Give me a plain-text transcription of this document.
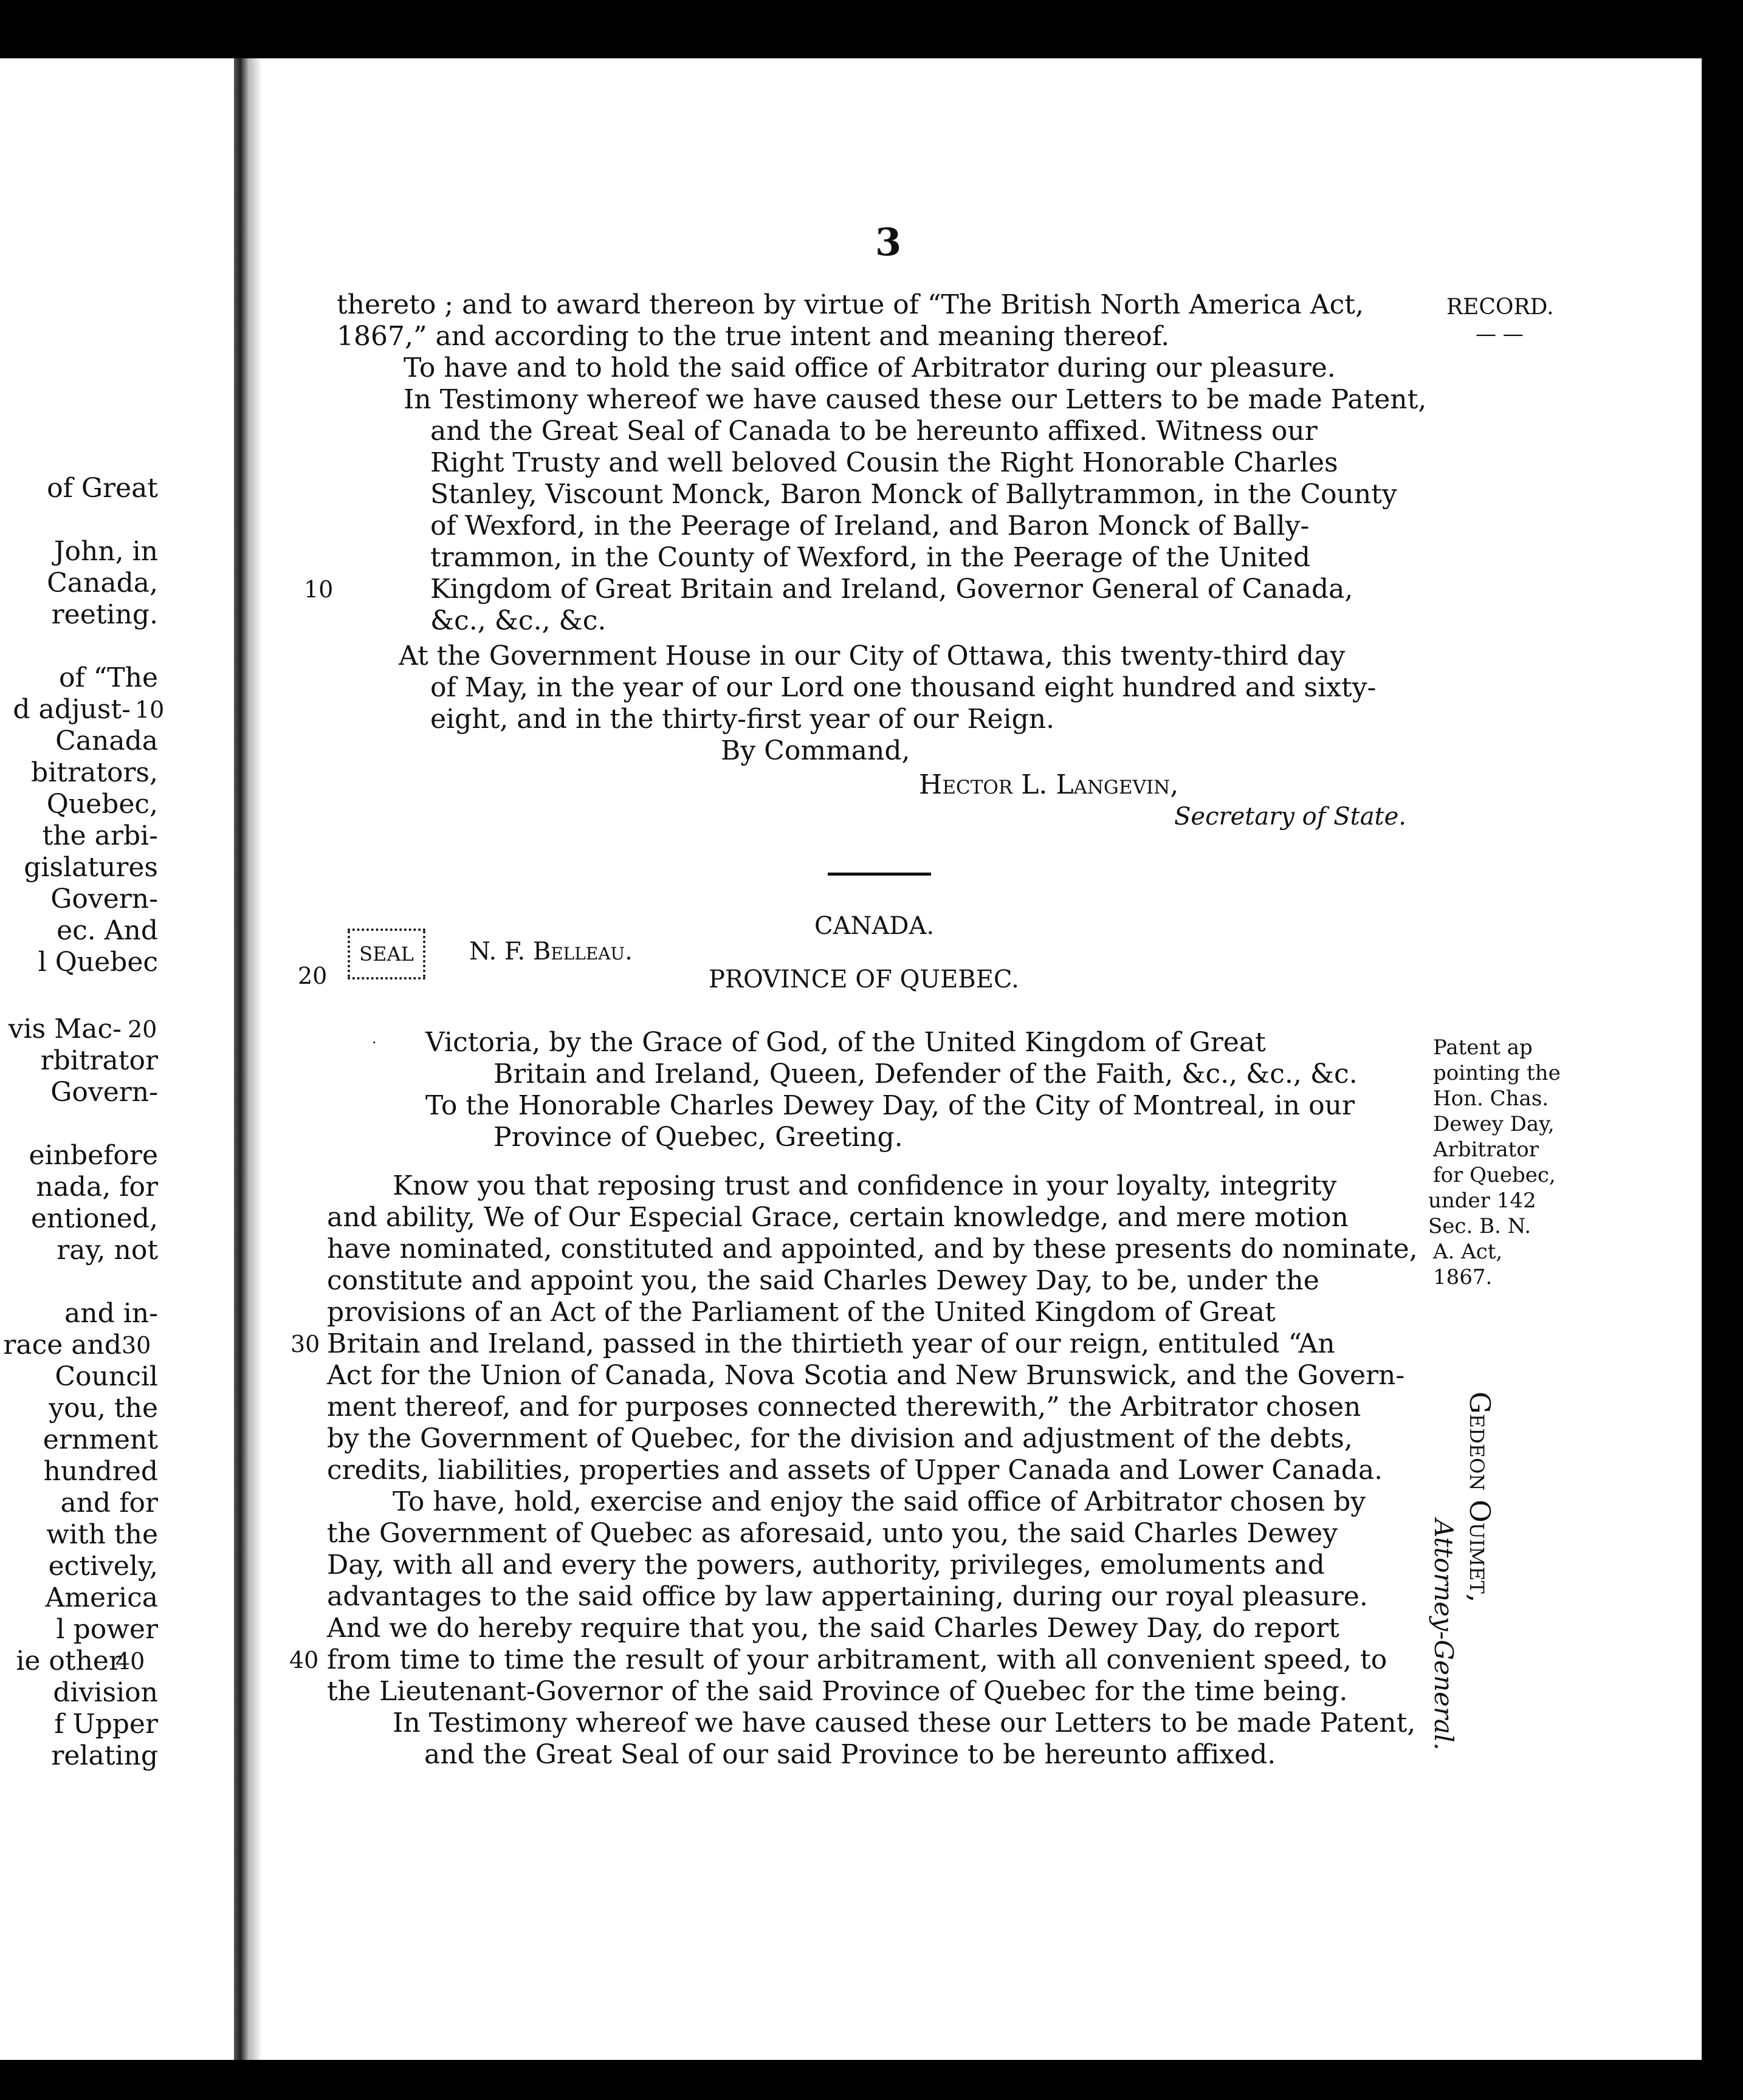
of Great
John, in
Canada,
reeting.
of “The
d adjust-
Canada
bitrators,
Quebec,
the arbi-
gislatures
Govern-
ec. And
l Quebec
vis Mac-
rbitrator
Govern-
einbefore
nada, for
entioned,
ray, not
and in-
race and
Council
you, the
ernment
hundred
and for
with the
ectively,
America
l power
ie other
division
f Upper
relating
10
20
30
40
3
RECORD.
— —
thereto ; and to award thereon by virtue of “The British North America Act,
1867,” and according to the true intent and meaning thereof.
To have and to hold the said office of Arbitrator during our pleasure.
In Testimony whereof we have caused these our Letters to be made Patent,
and the Great Seal of Canada to be hereunto affixed. Witness our
Right Trusty and well beloved Cousin the Right Honorable Charles
Stanley, Viscount Monck, Baron Monck of Ballytrammon, in the County
of Wexford, in the Peerage of Ireland, and Baron Monck of Bally-
trammon, in the County of Wexford, in the Peerage of the United
Kingdom of Great Britain and Ireland, Governor General of Canada,
&c., &c., &c.
At the Government House in our City of Ottawa, this twenty-third day
of May, in the year of our Lord one thousand eight hundred and sixty-
eight, and in the thirty-first year of our Reign.
By Command,
Hector L. Langevin,
Secretary of State.
10
CANADA.
SEAL N. F. Belleau.
20	PROVINCE OF QUEBEC.
· Victoria, by the Grace of God, of the United Kingdom of Great
Britain and Ireland, Queen, Defender of the Faith, &c., &c., &c.
To the Honorable Charles Dewey Day, of the City of Montreal, in our
Province of Quebec, Greeting.
Know you that reposing trust and confidence in your loyalty, integrity
and ability, We of Our Especial Grace, certain knowledge, and mere motion
have nominated, constituted and appointed, and by these presents do nominate,
constitute and appoint you, the said Charles Dewey Day, to be, under the
provisions of an Act of the Parliament of the United Kingdom of Great
Britain and Ireland, passed in the thirtieth year of our reign, entituled “An
Act for the Union of Canada, Nova Scotia and New Brunswick, and the Govern-
ment thereof, and for purposes connected therewith,” the Arbitrator chosen
by the Government of Quebec, for the division and adjustment of the debts,
credits, liabilities, properties and assets of Upper Canada and Lower Canada.
To have, hold, exercise and enjoy the said office of Arbitrator chosen by
the Government of Quebec as aforesaid, unto you, the said Charles Dewey
Day, with all and every the powers, authority, privileges, emoluments and
advantages to the said office by law appertaining, during our royal pleasure.
And we do hereby require that you, the said Charles Dewey Day, do report
from time to time the result of your arbitrament, with all convenient speed, to
the Lieutenant-Governor of the said Province of Quebec for the time being.
In Testimony whereof we have caused these our Letters to be made Patent,
and the Great Seal of our said Province to be hereunto affixed.
30
40
Patent ap
pointing the
Hon. Chas.
Dewey Day,
Arbitrator
for Quebec,
under 142
Sec. B. N.
A. Act,
1867.
Gedeon Ouimet,
Attorney-General.
